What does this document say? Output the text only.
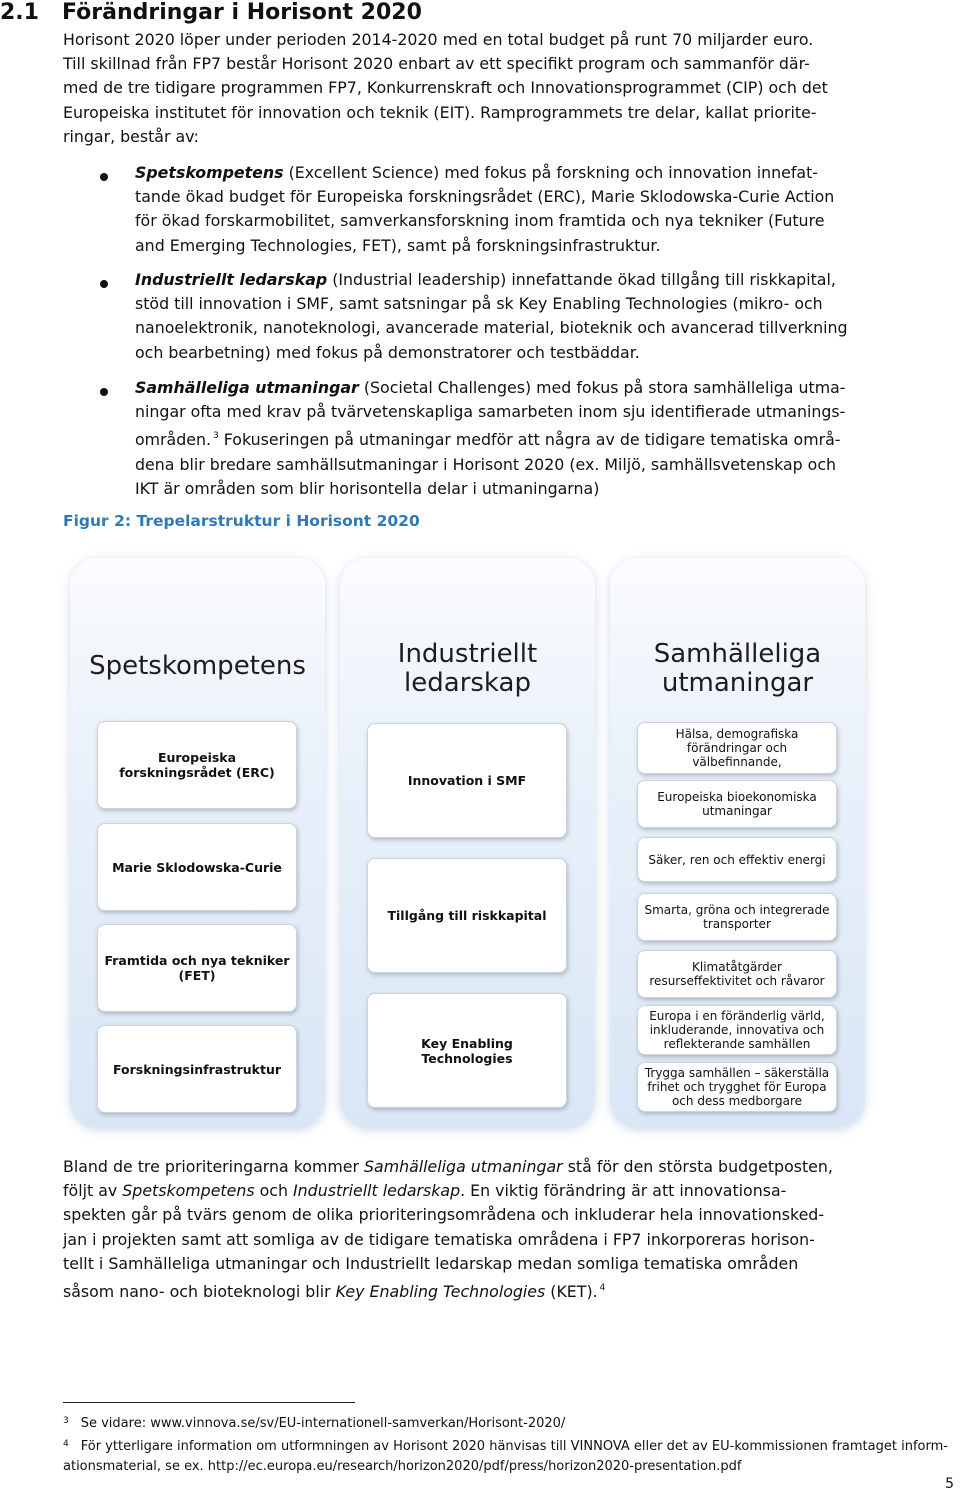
2.1 Förändringar i Horisont 2020
Horisont 2020 löper under perioden 2014-2020 med en total budget på runt 70 miljarder euro.
Till skillnad från FP7 består Horisont 2020 enbart av ett specifikt program och sammanför där-
med de tre tidigare programmen FP7, Konkurrenskraft och Innovationsprogrammet (CIP) och det
Europeiska institutet för innovation och teknik (EIT). Ramprogrammets tre delar, kallat priorite-
ringar, består av:
Spetskompetens (Excellent Science) med fokus på forskning och innovation innefat-
tande ökad budget för Europeiska forskningsrådet (ERC), Marie Sklodowska-Curie Action
för ökad forskarmobilitet, samverkansforskning inom framtida och nya tekniker (Future
and Emerging Technologies, FET), samt på forskningsinfrastruktur.
Industriellt ledarskap (Industrial leadership) innefattande ökad tillgång till riskkapital,
stöd till innovation i SMF, samt satsningar på sk Key Enabling Technologies (mikro- och
nanoelektronik, nanoteknologi, avancerade material, bioteknik och avancerad tillverkning
och bearbetning) med fokus på demonstratorer och testbäddar.
Samhälleliga utmaningar (Societal Challenges) med fokus på stora samhälleliga utma-
ningar ofta med krav på tvärvetenskapliga samarbeten inom sju identifierade utmanings-
områden. $^3$ Fokuseringen på utmaningar medför att några av de tidigare tematiska områ-
dena blir bredare samhällsutmaningar i Horisont 2020 (ex. Miljö, samhällsvetenskap och
IKT är områden som blir horisontella delar i utmaningarna)
Figur 2: Trepelarstruktur i Horisont 2020
Spetskompetens	Industriellt
ledarskap
Samhälleliga
utmaningar
Europeiska forskningsrådet (ERC)
Marie Sklodowska-Curie
Framtida och nya tekniker (FET)
Forskningsinfrastruktur
Innovation i SMF
Tillgång till riskkapital
Key Enabling Technologies
Hälsa, demografiska förändringar och välbefinnande,
Europeiska bioekonomiska utmaningar
Säker, ren och effektiv energi
Smarta, gröna och integrerade transporter
Klimatåtgärder resurseffektivitet och råvaror
Europa i en föränderlig värld, inkluderande, innovativa och reflekterande samhällen
Trygga samhällen – säkerställa frihet och trygghet för Europa och dess medborgare
Bland de tre prioriteringarna kommer Samhälleliga utmaningar stå för den största budgetposten,
följt av Spetskompetens och Industriellt ledarskap. En viktig förändring är att innovationsa-
spekten går på tvärs genom de olika prioriteringsområdena och inkluderar hela innovationsked-
jan i projekten samt att somliga av de tidigare tematiska områdena i FP7 inkorporeras horison-
tellt i Samhälleliga utmaningar och Industriellt ledarskap medan somliga tematiska områden
såsom nano- och bioteknologi blir Key Enabling Technologies (KET). $^4$
$^3$ Se vidare: www.vinnova.se/sv/EU-internationell-samverkan/Horisont-2020/
$^4$ För ytterligare information om utformningen av Horisont 2020 hänvisas till VINNOVA eller det av EU-kommissionen framtaget inform-
ationsmaterial, se ex. http://ec.europa.eu/research/horizon2020/pdf/press/horizon2020-presentation.pdf
5
